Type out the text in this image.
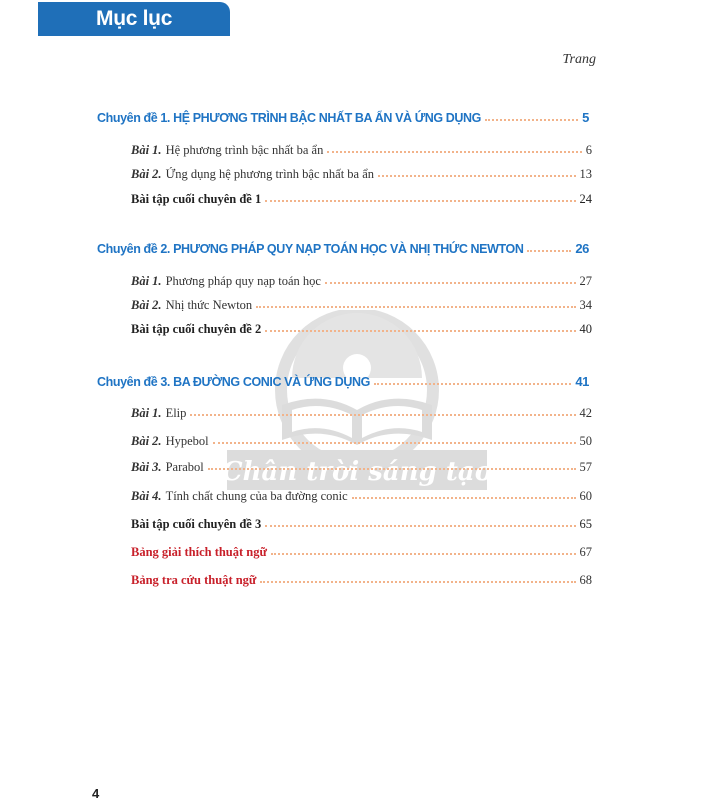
Mục lục
Trang
Chân trời sáng tạo
Chuyên đề 1. HỆ PHƯƠNG TRÌNH BẬC NHẤT BA ẨN VÀ ỨNG DỤNG	5
Bài 1. Hệ phương trình bậc nhất ba ẩn	6
Bài 2. Ứng dụng hệ phương trình bậc nhất ba ẩn	13
Bài tập cuối chuyên đề 1	24
Chuyên đề 2. PHƯƠNG PHÁP QUY NẠP TOÁN HỌC VÀ NHỊ THỨC NEWTON	26
Bài 1. Phương pháp quy nạp toán học	27
Bài 2. Nhị thức Newton	34
Bài tập cuối chuyên đề 2	40
Chuyên đề 3. BA ĐƯỜNG CONIC VÀ ỨNG DỤNG	41
Bài 1. Elip	42
Bài 2. Hypebol	50
Bài 3. Parabol	57
Bài 4. Tính chất chung của ba đường conic	60
Bài tập cuối chuyên đề 3	65
Bảng giải thích thuật ngữ	67
Bảng tra cứu thuật ngữ	68
4
